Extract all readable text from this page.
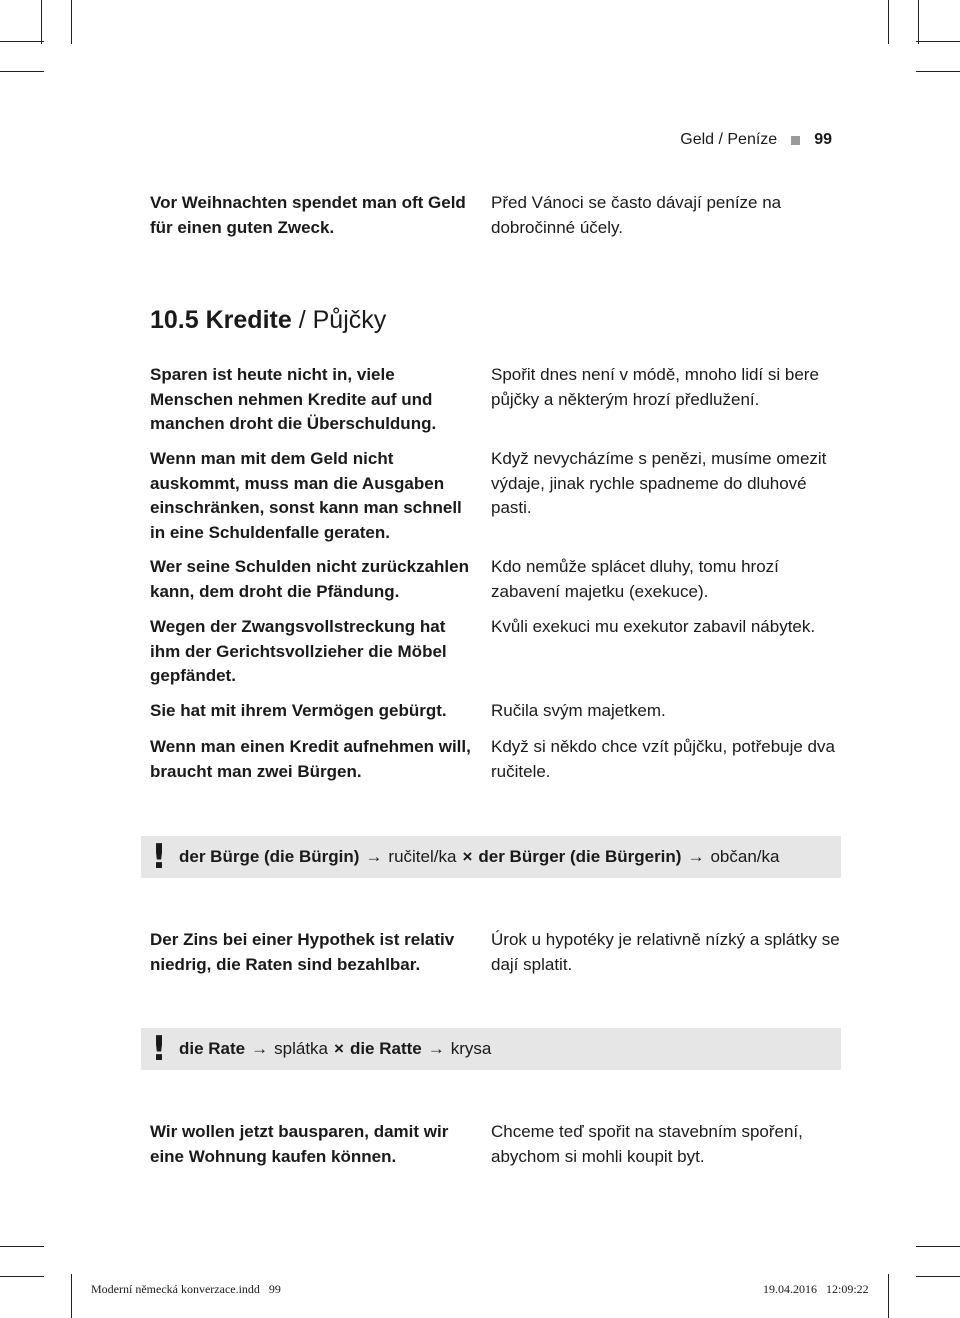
Geld / Peníze 99
Vor Weihnachten spendet man oft Geld für einen guten Zweck.
Před Vánoci se často dávají peníze na dobročinné účely.
10.5 Kredite / Půjčky
Sparen ist heute nicht in, viele Menschen nehmen Kredite auf und manchen droht die Überschuldung.
Spořit dnes není v módě, mnoho lidí si bere půjčky a některým hrozí předlužení.
Wenn man mit dem Geld nicht auskommt, muss man die Ausgaben einschränken, sonst kann man schnell in eine Schuldenfalle geraten.
Když nevycházíme s penězi, musíme omezit výdaje, jinak rychle spadneme do dluhové pasti.
Wer seine Schulden nicht zurückzahlen kann, dem droht die Pfändung.
Kdo nemůže splácet dluhy, tomu hrozí zabavení majetku (exekuce).
Wegen der Zwangsvollstreckung hat ihm der Gerichtsvollzieher die Möbel gepfändet.
Kvůli exekuci mu exekutor zabavil nábytek.
Sie hat mit ihrem Vermögen gebürgt.	Ručila svým majetkem.
Wenn man einen Kredit aufnehmen will, braucht man zwei Bürgen.
Když si někdo chce vzít půjčku, potřebuje dva ručitele.
! der Bürge (die Bürgin) → ručitel/ka × der Bürger (die Bürgerin) → občan/ka
Der Zins bei einer Hypothek ist relativ niedrig, die Raten sind bezahlbar.
Úrok u hypotéky je relativně nízký a splátky se dají splatit.
! die Rate → splátka × die Ratte → krysa
Wir wollen jetzt bausparen, damit wir eine Wohnung kaufen können.
Chceme teď spořit na stavebním spoření, abychom si mohli koupit byt.
Moderní německá konverzace.indd   99	19.04.2016   12:09:22
